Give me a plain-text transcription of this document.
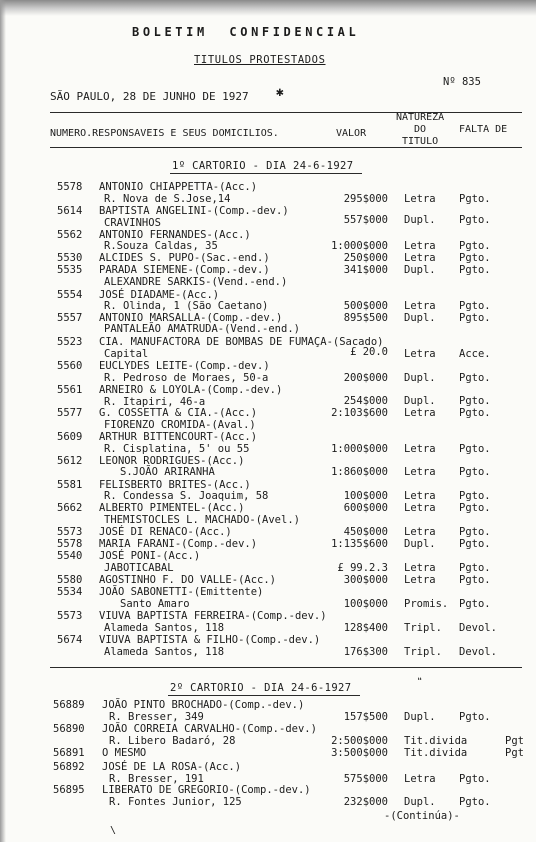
BOLETIM  CONFIDENCIAL
TITULOS PROTESTADOS
Nº 835
SÃO PAULO, 28 DE JUNHO DE 1927 ✱
NUMERO.RESPONSAVEIS E SEUS DOMICILIOS.	VALOR
NATUREZA
DO
TITULO
FALTA DE
1º CARTORIO - DIA 24-6-1927
5578	ANTONIO CHIAPPETTA-(Acc.)
R. Nova de S.Jose,14	295$000 Letra Pgto.
5614	BAPTISTA ANGELINI-(Comp.-dev.)
CRAVINHOS	557$000 Dupl. Pgto.
5562	ANTONIO FERNANDES-(Acc.)
R.Souza Caldas, 35	1:000$000 Letra Pgto.
5530	ALCIDES S. PUPO-(Sac.-end.)	250$000 Letra Pgto.
5535	PARADA SIEMENE-(Comp.-dev.)
ALEXANDRE SARKIS-(Vend.-end.)
341$000 Dupl. Pgto.
5554	JOSÉ DIADAME-(Acc.)
R. Olinda, 1 (São Caetano)	500$000 Letra Pgto.
5557	ANTONIO MARSALLA-(Comp.-dev.)
PANTALEÃO AMATRUDA-(Vend.-end.)
895$500 Dupl. Pgto.
5523	CIA. MANUFACTORA DE BOMBAS DE FUMAÇA-(Sacado)
Capital	£ 20.0 Letra Acce.
5560	EUCLYDES LEITE-(Comp.-dev.)
R. Pedroso de Moraes, 50-a	200$000 Dupl. Pgto.
5561	ARNEIRO & LOYOLA-(Comp.-dev.)
R. Itapiri, 46-a	254$000 Dupl. Pgto.
5577	G. COSSETTA & CIA.-(Acc.)
FIORENZO CROMIDA-(Aval.)
2:103$600 Letra Pgto.
5609	ARTHUR BITTENCOURT-(Acc.)
R. Cisplatina, 5' ou 55	1:000$000 Letra Pgto.
5612	LEONOR RODRIGUES-(Acc.)
S.JOÃO ARIRANHA	1:860$000 Letra Pgto.
5581	FELISBERTO BRITES-(Acc.)
R. Condessa S. Joaquim, 58	100$000 Letra Pgto.
5662	ALBERTO PIMENTEL-(Acc.)
THEMISTOCLES L. MACHADO-(Avel.)
600$000 Letra Pgto.
5573	JOSÉ DI RENACO-(Acc.)	450$000 Letra Pgto.
5578	MARIA FARANI-(Comp.-dev.)	1:135$600 Dupl. Pgto.
5540	JOSÉ PONI-(Acc.)
JABOTICABAL	£ 99.2.3 Letra Pgto.
5580	AGOSTINHO F. DO VALLE-(Acc.)	300$000 Letra Pgto.
5534	JOÃO SABONETTI-(Emittente)
Santo Amaro	100$000 Promis. Pgto.
5573	VIUVA BAPTISTA FERREIRA-(Comp.-dev.)
Alameda Santos, 118	128$400 Tripl. Devol.
5674	VIUVA BAPTISTA & FILHO-(Comp.-dev.)
Alameda Santos, 118	176$300 Tripl. Devol.
2º CARTORIO - DIA 24-6-1927	❝
56889	JOÃO PINTO BROCHADO-(Comp.-dev.)
R. Bresser, 349	157$500 Dupl. Pgto.
56890	JOÃO CORREIA CARVALHO-(Comp.-dev.)
R. Libero Badaró, 28	2:500$000 Tit.divida	Pgt
56891	O MESMO	3:500$000 Tit.divida	Pgt
56892	JOSÉ DE LA ROSA-(Acc.)
R. Bresser, 191	575$000 Letra Pgto.
56895	LIBERATO DE GREGORIO-(Comp.-dev.)
R. Fontes Junior, 125	232$000 Dupl. Pgto.
-(Continúa)-
\
